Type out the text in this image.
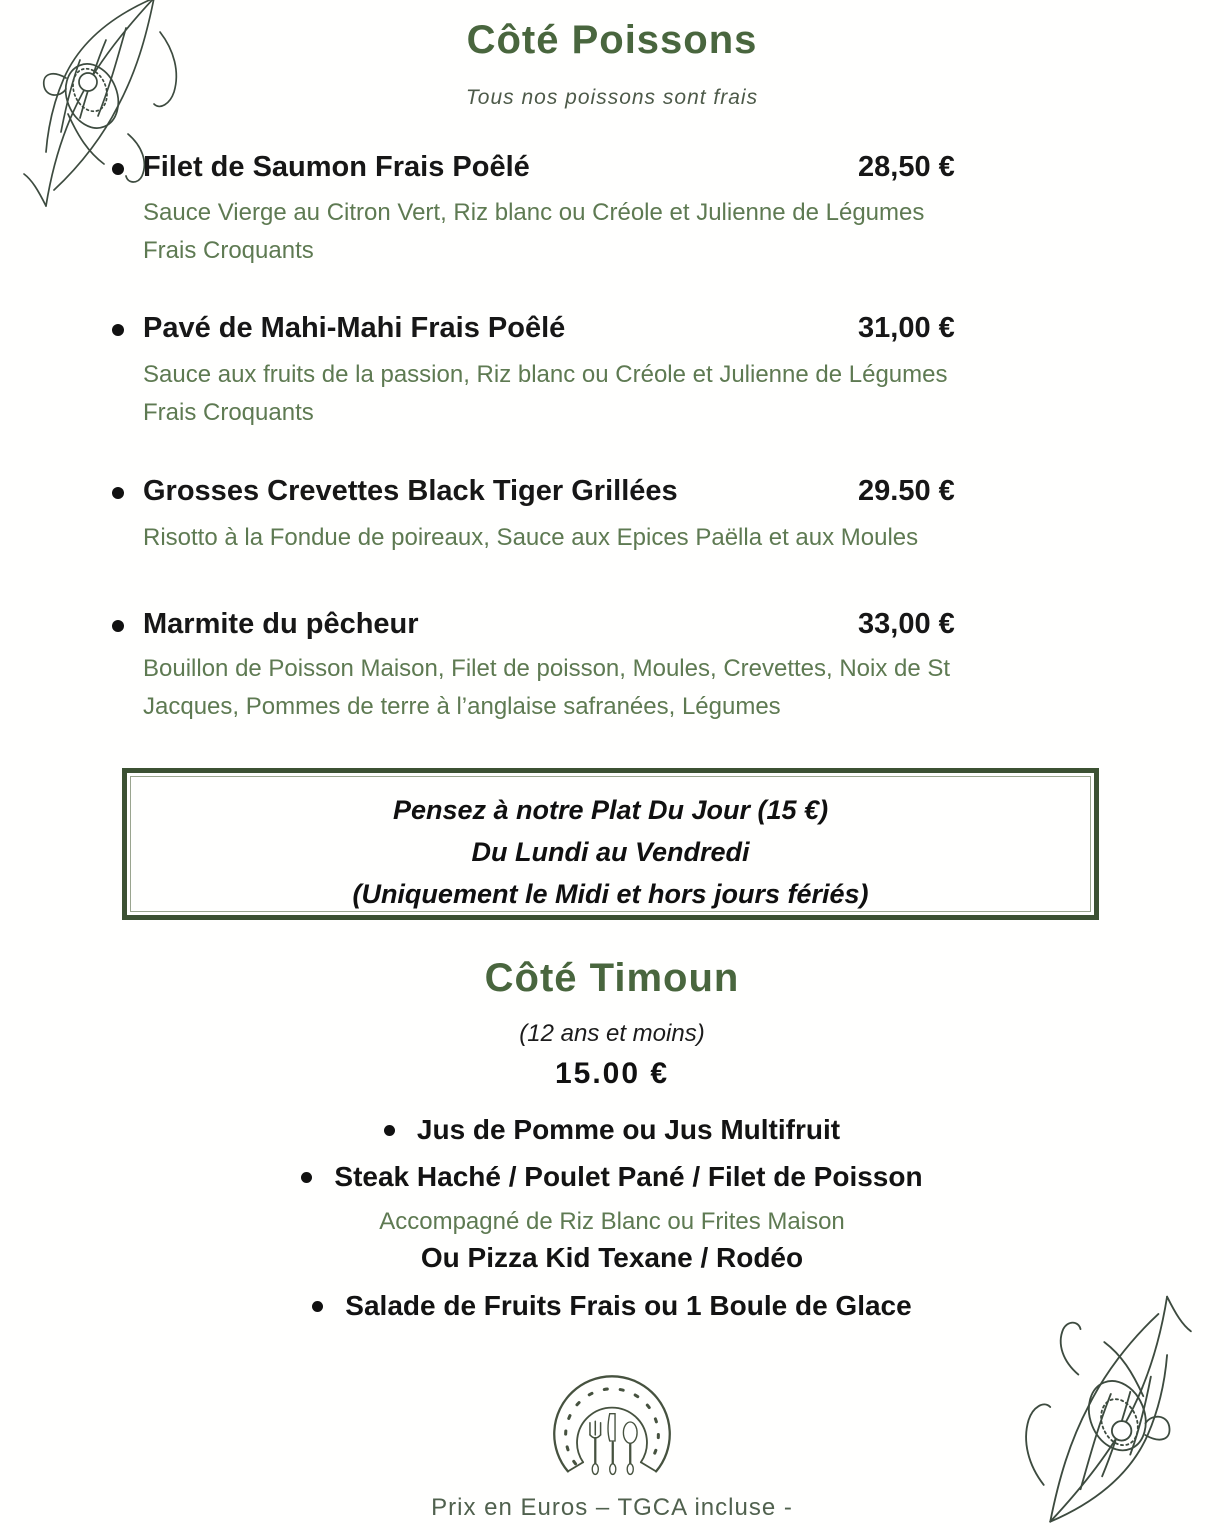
Côté Poissons
Tous nos poissons sont frais
Filet de Saumon Frais Poêlé	28,50 €
Sauce Vierge au Citron Vert, Riz blanc ou Créole et Julienne de Légumes
Frais Croquants
Pavé de Mahi-Mahi Frais Poêlé	31,00 €
Sauce aux fruits de la passion, Riz blanc ou Créole et Julienne de Légumes
Frais Croquants
Grosses Crevettes Black Tiger Grillées	29.50 €
Risotto à la Fondue de poireaux, Sauce aux Epices Paëlla et aux Moules
Marmite du pêcheur	33,00 €
Bouillon de Poisson Maison, Filet de poisson, Moules, Crevettes, Noix de St
Jacques, Pommes de terre à l’anglaise safranées, Légumes
Pensez à notre Plat Du Jour (15 €)
Du Lundi au Vendredi
(Uniquement le Midi et hors jours fériés)
Côté Timoun
(12 ans et moins)
15.00 €
Jus de Pomme ou Jus Multifruit
Steak Haché / Poulet Pané / Filet de Poisson
Accompagné de Riz Blanc ou Frites Maison
Ou Pizza Kid Texane / Rodéo
Salade de Fruits Frais ou 1 Boule de Glace
Prix en Euros – TGCA incluse -
